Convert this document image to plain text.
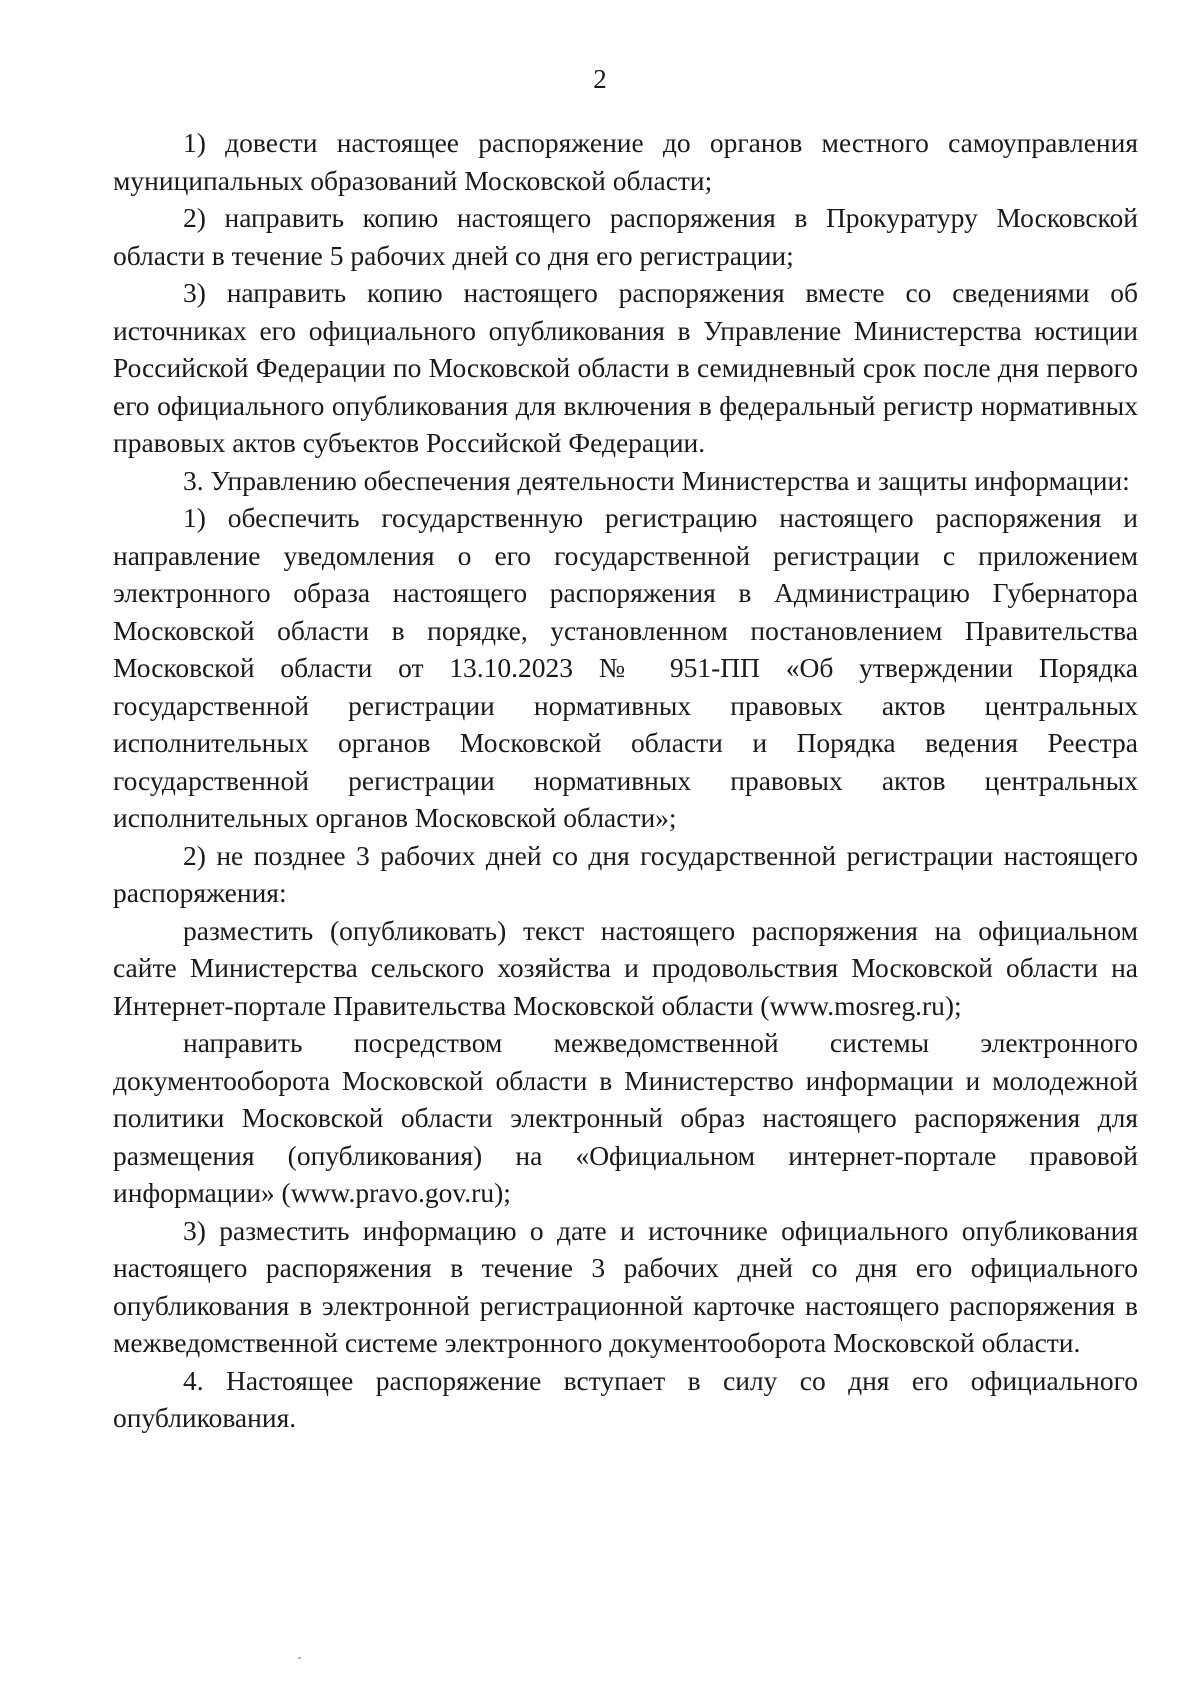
2

1) довести настоящее распоряжение до органов местного самоуправления муниципальных образований Московской области;

2) направить копию настоящего распоряжения в Прокуратуру Московской области в течение 5 рабочих дней со дня его регистрации;

3) направить копию настоящего распоряжения вместе со сведениями об источниках его официального опубликования в Управление Министерства юстиции Российской Федерации по Московской области в семидневный срок после дня первого его официального опубликования для включения в федеральный регистр нормативных правовых актов субъектов Российской Федерации.

3. Управлению обеспечения деятельности Министерства и защиты информации:

1) обеспечить государственную регистрацию настоящего распоряжения и направление уведомления о его государственной регистрации с приложением электронного образа настоящего распоряжения в Администрацию Губернатора Московской области в порядке, установленном постановлением Правительства Московской области от 13.10.2023 № 951-ПП «Об утверждении Порядка государственной регистрации нормативных правовых актов центральных исполнительных органов Московской области и Порядка ведения Реестра государственной регистрации нормативных правовых актов центральных исполнительных органов Московской области»;

2) не позднее 3 рабочих дней со дня государственной регистрации настоящего распоряжения:

разместить (опубликовать) текст настоящего распоряжения на официальном сайте Министерства сельского хозяйства и продовольствия Московской области на Интернет-портале Правительства Московской области (www.mosreg.ru);

направить посредством межведомственной системы электронного документооборота Московской области в Министерство информации и молодежной политики Московской области электронный образ настоящего распоряжения для размещения (опубликования) на «Официальном интернет-портале правовой информации» (www.pravo.gov.ru);

3) разместить информацию о дате и источнике официального опубликования настоящего распоряжения в течение 3 рабочих дней со дня его официального опубликования в электронной регистрационной карточке настоящего распоряжения в межведомственной системе электронного документооборота Московской области.

4. Настоящее распоряжение вступает в силу со дня его официального опубликования.
